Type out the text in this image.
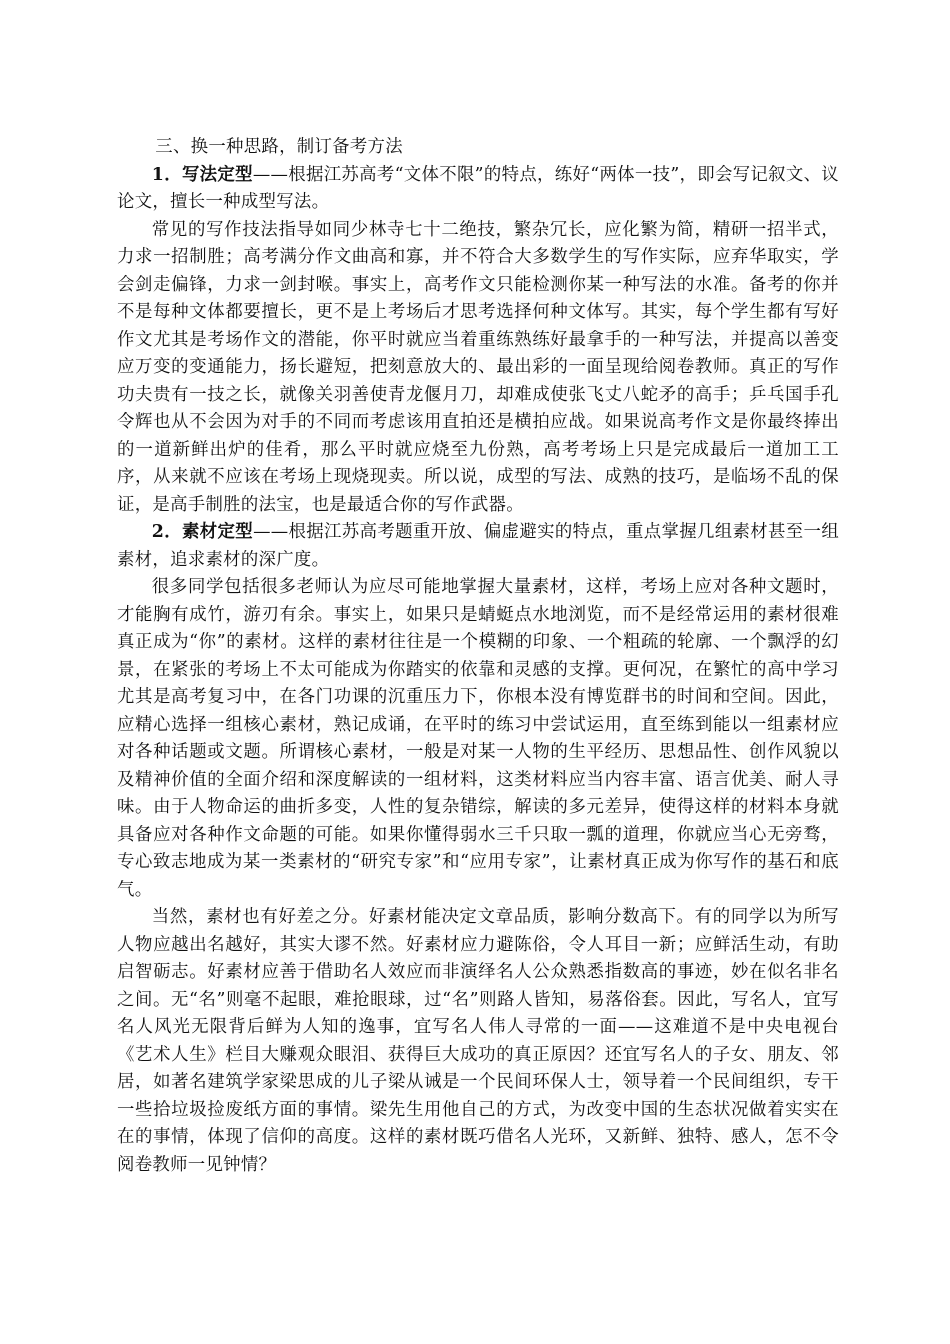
三、换一种思路，制订备考方法

1．写法定型——根据江苏高考“文体不限”的特点，练好“两体一技”，即会写记叙文、议论文，擅长一种成型写法。

常见的写作技法指导如同少林寺七十二绝技，繁杂冗长，应化繁为简，精研一招半式，力求一招制胜；高考满分作文曲高和寡，并不符合大多数学生的写作实际，应弃华取实，学会剑走偏锋，力求一剑封喉。事实上，高考作文只能检测你某一种写法的水准。备考的你并不是每种文体都要擅长，更不是上考场后才思考选择何种文体写。其实，每个学生都有写好作文尤其是考场作文的潜能，你平时就应当着重练熟练好最拿手的一种写法，并提高以善变应万变的变通能力，扬长避短，把刻意放大的、最出彩的一面呈现给阅卷教师。真正的写作功夫贵有一技之长，就像关羽善使青龙偃月刀，却难成使张飞丈八蛇矛的高手；乒乓国手孔令辉也从不会因为对手的不同而考虑该用直拍还是横拍应战。如果说高考作文是你最终捧出的一道新鲜出炉的佳肴，那么平时就应烧至九份熟，高考考场上只是完成最后一道加工工序，从来就不应该在考场上现烧现卖。所以说，成型的写法、成熟的技巧，是临场不乱的保证，是高手制胜的法宝，也是最适合你的写作武器。

2．素材定型——根据江苏高考题重开放、偏虚避实的特点，重点掌握几组素材甚至一组素材，追求素材的深广度。

很多同学包括很多老师认为应尽可能地掌握大量素材，这样，考场上应对各种文题时，才能胸有成竹，游刃有余。事实上，如果只是蜻蜓点水地浏览，而不是经常运用的素材很难真正成为“你”的素材。这样的素材往往是一个模糊的印象、一个粗疏的轮廓、一个飘浮的幻景，在紧张的考场上不太可能成为你踏实的依靠和灵感的支撑。更何况，在繁忙的高中学习尤其是高考复习中，在各门功课的沉重压力下，你根本没有博览群书的时间和空间。因此，应精心选择一组核心素材，熟记成诵，在平时的练习中尝试运用，直至练到能以一组素材应对各种话题或文题。所谓核心素材，一般是对某一人物的生平经历、思想品性、创作风貌以及精神价值的全面介绍和深度解读的一组材料，这类材料应当内容丰富、语言优美、耐人寻味。由于人物命运的曲折多变，人性的复杂错综，解读的多元差异，使得这样的材料本身就具备应对各种作文命题的可能。如果你懂得弱水三千只取一瓢的道理，你就应当心无旁骛，专心致志地成为某一类素材的“研究专家”和“应用专家”，让素材真正成为你写作的基石和底气。

当然，素材也有好差之分。好素材能决定文章品质，影响分数高下。有的同学以为所写人物应越出名越好，其实大谬不然。好素材应力避陈俗，令人耳目一新；应鲜活生动，有助启智砺志。好素材应善于借助名人效应而非演绎名人公众熟悉指数高的事迹，妙在似名非名之间。无“名”则毫不起眼，难抢眼球，过“名”则路人皆知，易落俗套。因此，写名人，宜写名人风光无限背后鲜为人知的逸事，宜写名人伟人寻常的一面——这难道不是中央电视台《艺术人生》栏目大赚观众眼泪、获得巨大成功的真正原因？还宜写名人的子女、朋友、邻居，如著名建筑学家梁思成的儿子梁从诫是一个民间环保人士，领导着一个民间组织，专干一些拾垃圾捡废纸方面的事情。梁先生用他自己的方式，为改变中国的生态状况做着实实在在的事情，体现了信仰的高度。这样的素材既巧借名人光环，又新鲜、独特、感人，怎不令阅卷教师一见钟情？
